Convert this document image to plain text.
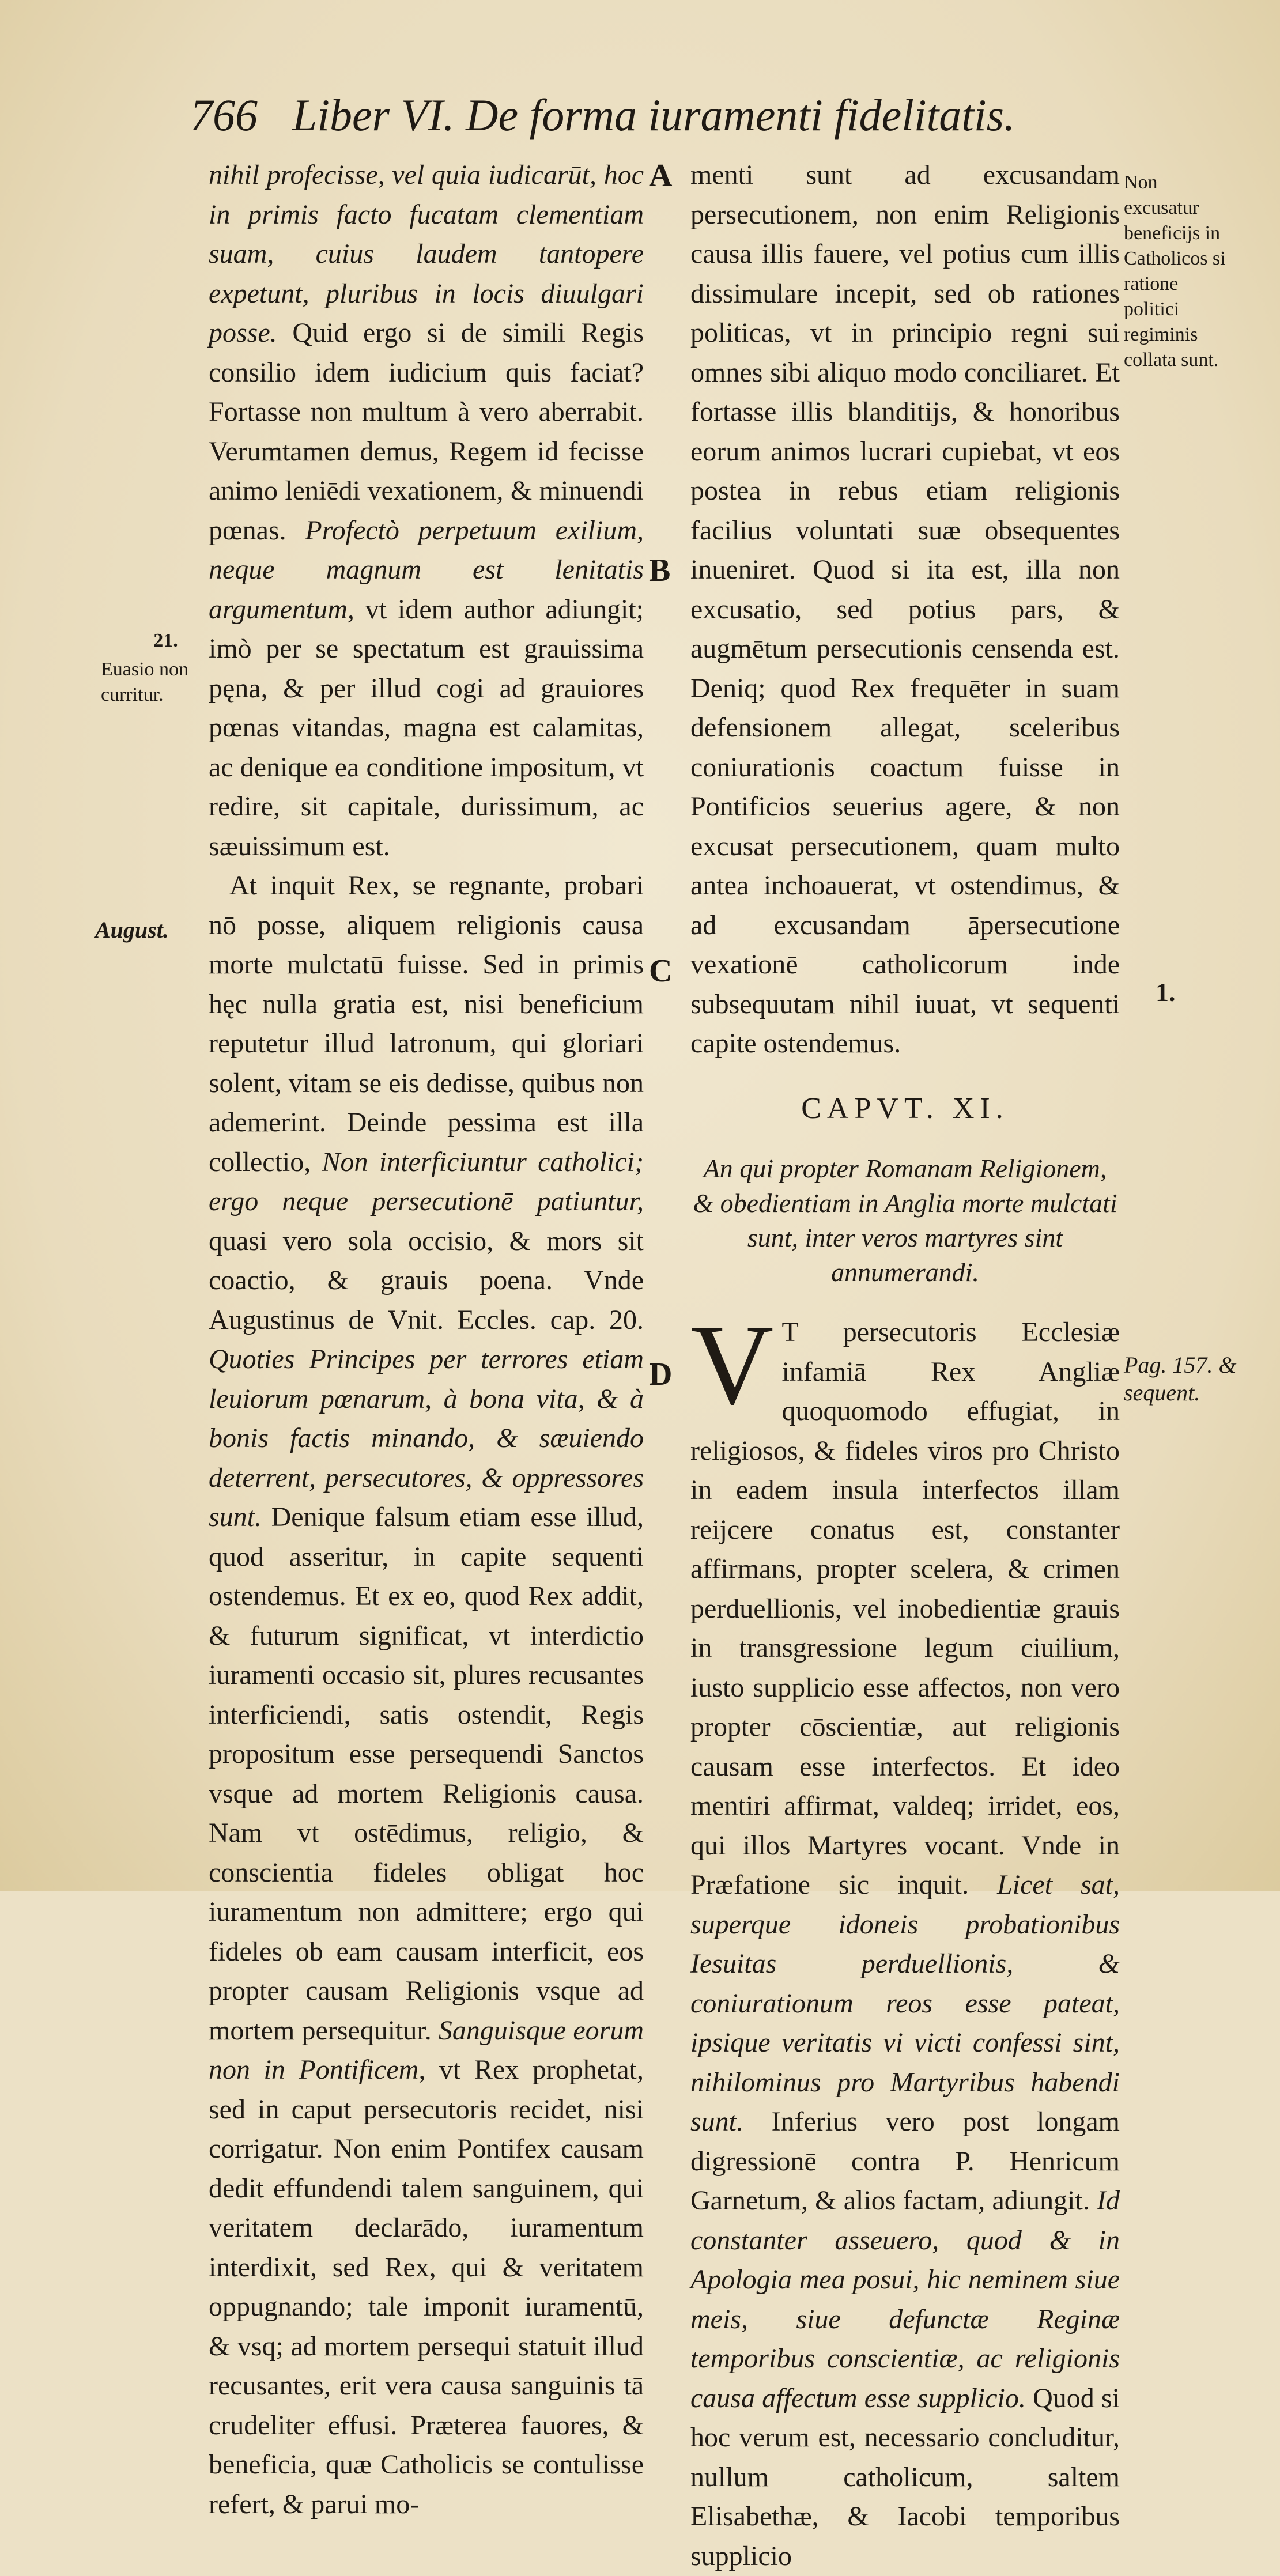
766 Liber VI. De forma iuramenti fidelitatis.

nihil profecisse, vel quia iudicarūt, hoc in primis facto fucatam clementiam suam, cuius laudem tantopere expetunt, pluribus in locis diuulgari posse. Quid ergo si de simili Regis consilio idem iudicium quis faciat? Fortasse non multum à vero aberrabit. Verumtamen demus, Regem id fecisse animo leniēdi vexationem, & minuendi pœnas. Profectò perpetuum exilium, neque magnum est lenitatis argumentum, vt idem author adiungit; imò per se spectatum est grauissima pęna, & per illud cogi ad grauiores pœnas vitandas, magna est calamitas, ac denique ea conditione impositum, vt redire, sit capitale, durissimum, ac sæuissimum est.

At inquit Rex, se regnante, probari nō posse, aliquem religionis causa morte mulctatū fuisse. Sed in primis hęc nulla gratia est, nisi beneficium reputetur illud latronum, qui gloriari solent, vitam se eis dedisse, quibus non ademerint. Deinde pessima est illa collectio, Non interficiuntur catholici; ergo neque persecutionē patiuntur, quasi vero sola occisio, & mors sit coactio, & grauis poena. Vnde Augustinus de Vnit. Eccles. cap. 20. Quoties Principes per terrores etiam leuiorum pœnarum, à bona vita, & à bonis factis minando, & sæuiendo deterrent, persecutores, & oppressores sunt. Denique falsum etiam esse illud, quod asseritur, in capite sequenti ostendemus. Et ex eo, quod Rex addit, & futurum significat, vt interdictio iuramenti occasio sit, plures recusantes interficiendi, satis ostendit, Regis propositum esse persequendi Sanctos vsque ad mortem Religionis causa. Nam vt ostēdimus, religio, & conscientia fideles obligat hoc iuramentum non admittere; ergo qui fideles ob eam causam interficit, eos propter causam Religionis vsque ad mortem persequitur. Sanguisque eorum non in Pontificem, vt Rex prophetat, sed in caput persecutoris recidet, nisi corrigatur. Non enim Pontifex causam dedit effundendi talem sanguinem, qui veritatem declarādo, iuramentum interdixit, sed Rex, qui & veritatem oppugnando; tale imponit iuramentū, & vsq; ad mortem persequi statuit illud recusantes, erit vera causa sanguinis tā crudeliter effusi. Præterea fauores, & beneficia, quæ Catholicis se contulisse refert, & parui mo-

menti sunt ad excusandam persecutionem, non enim Religionis causa illis fauere, vel potius cum illis dissimulare incepit, sed ob rationes politicas, vt in principio regni sui omnes sibi aliquo modo conciliaret. Et fortasse illis blanditijs, & honoribus eorum animos lucrari cupiebat, vt eos postea in rebus etiam religionis facilius voluntati suæ obsequentes inueniret. Quod si ita est, illa non excusatio, sed potius pars, & augmētum persecutionis censenda est. Deniq; quod Rex frequēter in suam defensionem allegat, sceleribus coniurationis coactum fuisse in Pontificios seuerius agere, & non excusat persecutionem, quam multo antea inchoauerat, vt ostendimus, & ad excusandam āpersecutione vexationē catholicorum inde subsequutam nihil iuuat, vt sequenti capite ostendemus.

CAPVT. XI.
An qui propter Romanam Religionem, & obedientiam in Anglia morte mulctati sunt, inter veros martyres sint annumerandi.

V T persecutoris Ecclesiæ infamiā Rex Angliæ quoquomodo effugiat, in religiosos, & fideles viros pro Christo in eadem insula interfectos illam reijcere conatus est, constanter affirmans, propter scelera, & crimen perduellionis, vel inobedientiæ grauis in transgressione legum ciuilium, iusto supplicio esse affectos, non vero propter cōscientiæ, aut religionis causam esse interfectos. Et ideo mentiri affirmat, valdeq; irridet, eos, qui illos Martyres vocant. Vnde in Præfatione sic inquit. Licet sat, superque idoneis probationibus Iesuitas perduellionis, & coniurationum reos esse pateat, ipsique veritatis vi victi confessi sint, nihilominus pro Martyribus habendi sunt. Inferius vero post longam digressionē contra P. Henricum Garnetum, & alios factam, adiungit. Id constanter asseuero, quod & in Apologia mea posui, hic neminem siue meis, siue defunctæ Reginæ temporibus conscientiæ, ac religionis causa affectum esse supplicio. Quod si hoc verum est, necessario concluditur, nullum catholicum, saltem Elisabethæ, & Iacobi temporibus supplicio

A
B
C
D
21.
Euasio non curritur.
August.
Non excusatur beneficijs in Catholicos si ratione politici regiminis collata sunt.
1.
Pag. 157. & sequent.
